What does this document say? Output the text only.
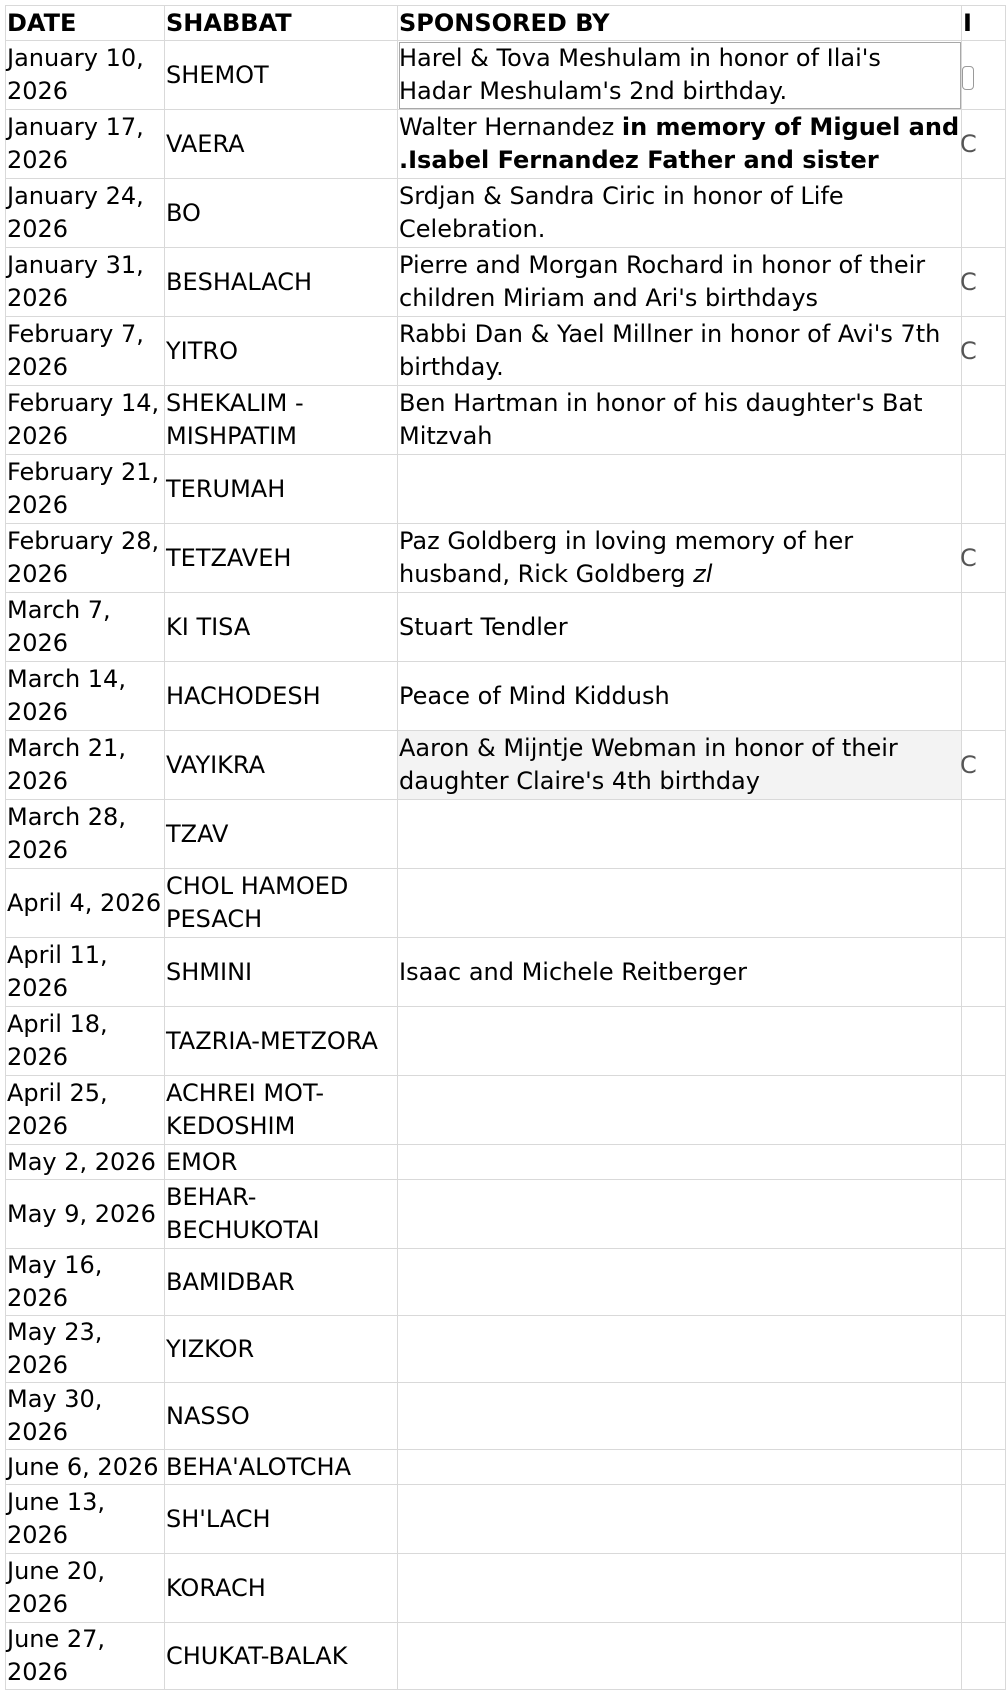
DATE	SHABBAT	SPONSORED BY	I
January 10, 2026	SHEMOT	Harel & Tova Meshulam in honor of Ilai's Hadar Meshulam's 2nd birthday.	
January 17, 2026	VAERA	Walter Hernandez in memory of Miguel and .Isabel Fernandez Father and sister	C
January 24, 2026	BO	Srdjan & Sandra Ciric in honor of Life Celebration.	
January 31, 2026	BESHALACH	Pierre and Morgan Rochard in honor of their children Miriam and Ari's birthdays	C
February 7, 2026	YITRO	Rabbi Dan & Yael Millner in honor of Avi's 7th birthday.	C
February 14, 2026	SHEKALIM - MISHPATIM	Ben Hartman in honor of his daughter's Bat Mitzvah	
February 21, 2026	TERUMAH		
February 28, 2026	TETZAVEH	Paz Goldberg in loving memory of her husband, Rick Goldberg zl	C
March 7, 2026	KI TISA	Stuart Tendler	
March 14, 2026	HACHODESH	Peace of Mind Kiddush	
March 21, 2026	VAYIKRA	Aaron & Mijntje Webman in honor of their daughter Claire's 4th birthday	C
March 28, 2026	TZAV		
April 4, 2026	CHOL HAMOED PESACH		
April 11, 2026	SHMINI	Isaac and Michele Reitberger	
April 18, 2026	TAZRIA-METZORA		
April 25, 2026	ACHREI MOT-KEDOSHIM		
May 2, 2026	EMOR		
May 9, 2026	BEHAR-BECHUKOTAI		
May 16, 2026	BAMIDBAR		
May 23, 2026	YIZKOR		
May 30, 2026	NASSO		
June 6, 2026	BEHA'ALOTCHA		
June 13, 2026	SH'LACH		
June 20, 2026	KORACH		
June 27, 2026	CHUKAT-BALAK		
